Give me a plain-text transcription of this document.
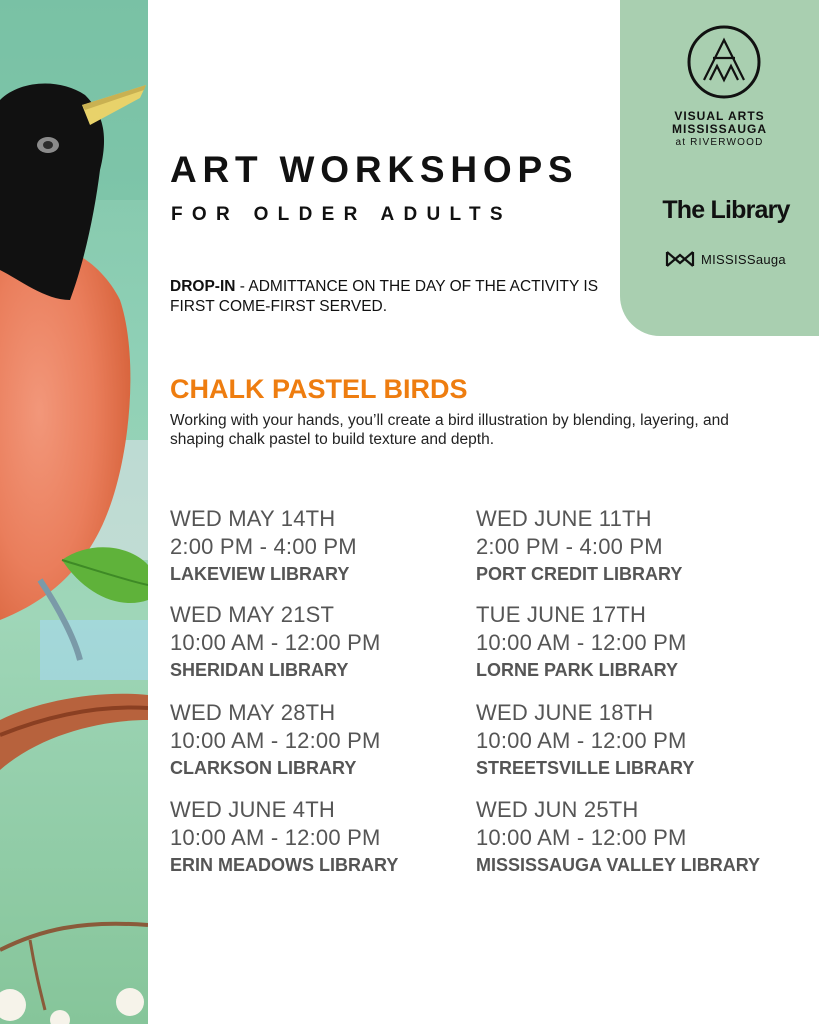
VISUAL ARTS
MISSISSAUGA
at RIVERWOOD
The Library
MISSISSauga
ART WORKSHOPS
FOR OLDER ADULTS
DROP-IN - ADMITTANCE ON THE DAY OF THE ACTIVITY IS FIRST COME-FIRST SERVED.
CHALK PASTEL BIRDS
Working with your hands, you’ll create a bird illustration by blending, layering, and shaping chalk pastel to build texture and depth.
WED MAY 14TH
2:00 PM - 4:00 PM
LAKEVIEW LIBRARY
WED JUNE 11TH
2:00 PM - 4:00 PM
PORT CREDIT LIBRARY
WED MAY 21ST
10:00 AM - 12:00 PM
SHERIDAN LIBRARY
TUE JUNE 17TH
10:00 AM - 12:00 PM
LORNE PARK LIBRARY
WED MAY 28TH
10:00 AM - 12:00 PM
CLARKSON LIBRARY
WED JUNE 18TH
10:00 AM - 12:00 PM
STREETSVILLE LIBRARY
WED JUNE 4TH
10:00 AM - 12:00 PM
ERIN MEADOWS LIBRARY
WED JUN 25TH
10:00 AM - 12:00 PM
MISSISSAUGA VALLEY LIBRARY
